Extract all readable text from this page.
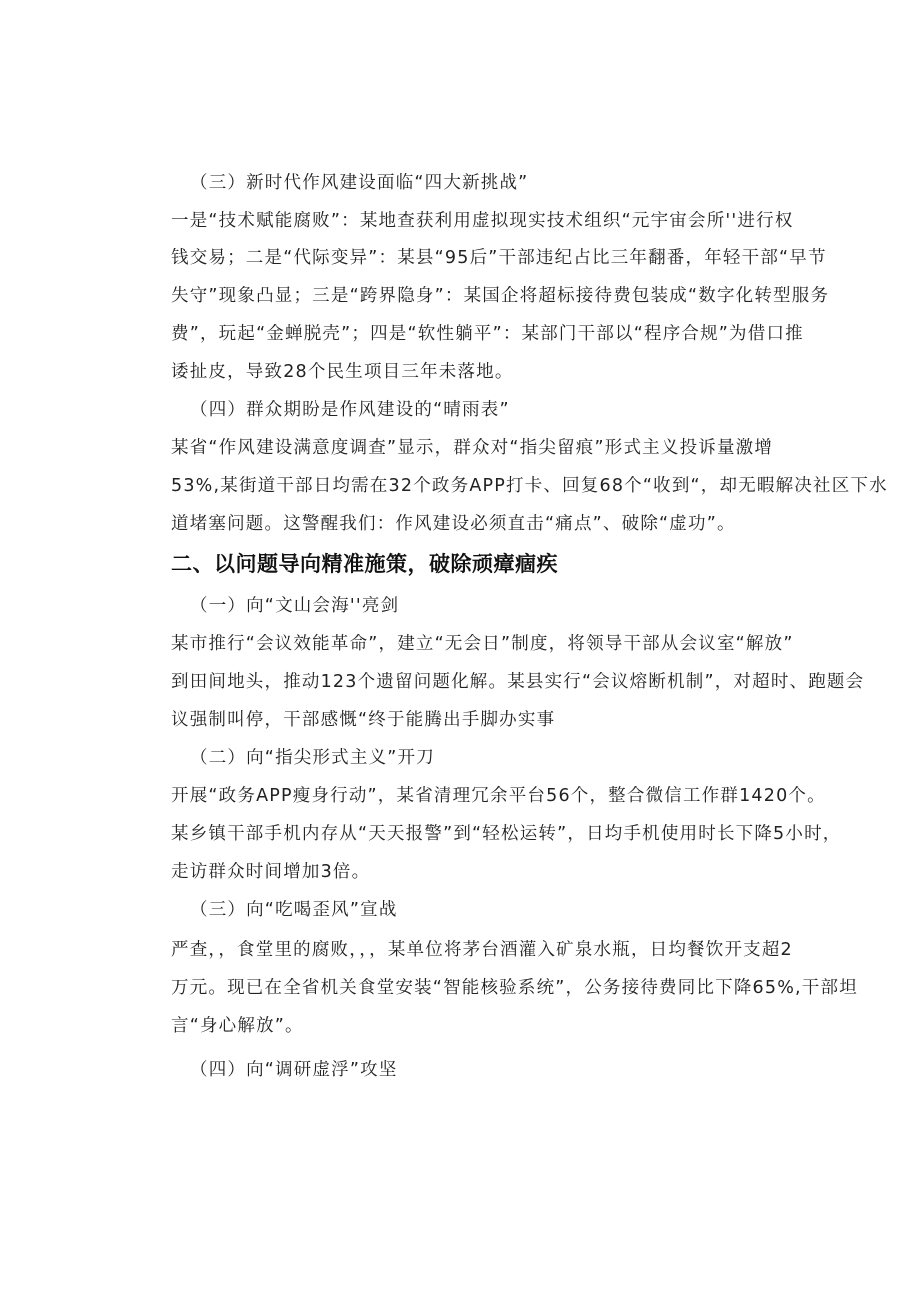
（三）新时代作风建设面临“四大新挑战”
一是“技术赋能腐败”：某地查获利用虚拟现实技术组织“元宇宙会所''进行权
钱交易；二是“代际变异”：某县“95后”干部违纪占比三年翻番，年轻干部“早节
失守”现象凸显；三是“跨界隐身”：某国企将超标接待费包装成“数字化转型服务
费”，玩起“金蝉脱壳”；四是“软性躺平”：某部门干部以“程序合规”为借口推
诿扯皮，导致28个民生项目三年未落地。
（四）群众期盼是作风建设的“晴雨表”
某省“作风建设满意度调查”显示，群众对“指尖留痕”形式主义投诉量激增
53%,某街道干部日均需在32个政务APP打卡、回复68个“收到“，却无暇解决社区下水
道堵塞问题。这警醒我们：作风建设必须直击“痛点”、破除“虚功”。
二、以问题导向精准施策，破除顽瘴痼疾
（一）向“文山会海''亮剑
某市推行“会议效能革命”，建立“无会日”制度，将领导干部从会议室“解放”
到田间地头，推动123个遗留问题化解。某县实行“会议熔断机制”，对超时、跑题会
议强制叫停，干部感慨“终于能腾出手脚办实事
（二）向“指尖形式主义”开刀
开展“政务APP瘦身行动”，某省清理冗余平台56个，整合微信工作群1420个。
某乡镇干部手机内存从“天天报警”到“轻松运转”，日均手机使用时长下降5小时，
走访群众时间增加3倍。
（三）向“吃喝歪风”宣战
严查，，食堂里的腐败，，，某单位将茅台酒灌入矿泉水瓶，日均餐饮开支超2
万元。现已在全省机关食堂安装“智能核验系统”，公务接待费同比下降65%,干部坦
言“身心解放”。
（四）向“调研虚浮”攻坚
